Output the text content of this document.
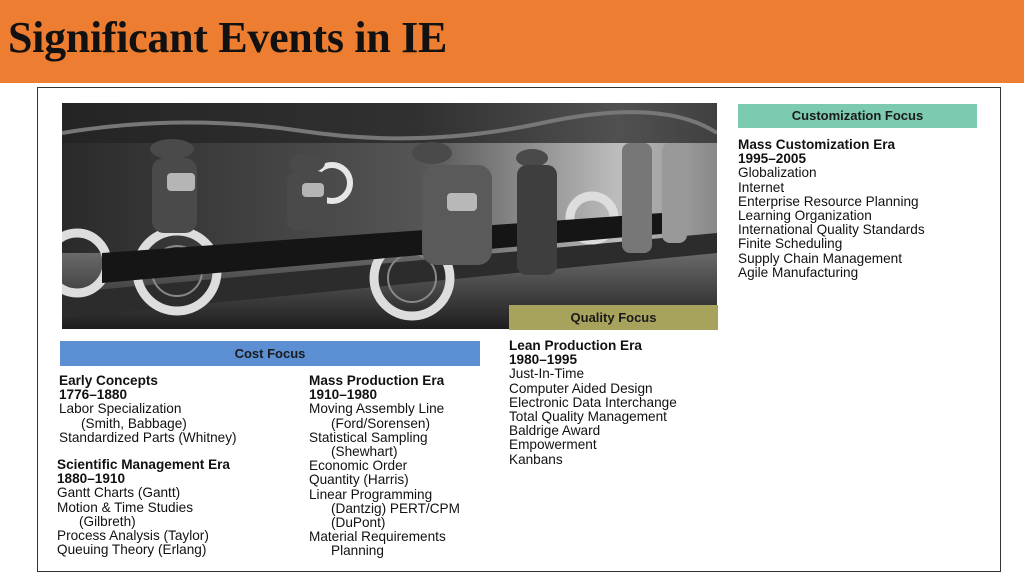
Significant Events in IE
Customization Focus
Quality Focus
Cost Focus
Mass Customization Era
1995–2005
Globalization
Internet
Enterprise Resource Planning
Learning Organization
International Quality Standards
Finite Scheduling
Supply Chain Management
Agile Manufacturing
Lean Production Era
1980–1995
Just-In-Time
Computer Aided Design
Electronic Data Interchange
Total Quality Management
Baldrige Award
Empowerment
Kanbans
Early Concepts
1776–1880
Labor Specialization
(Smith, Babbage)
Standardized Parts (Whitney)
Scientific Management Era
1880–1910
Gantt Charts (Gantt)
Motion & Time Studies
(Gilbreth)
Process Analysis (Taylor)
Queuing Theory (Erlang)
Mass Production Era
1910–1980
Moving Assembly Line
(Ford/Sorensen)
Statistical Sampling
(Shewhart)
Economic Order
Quantity (Harris)
Linear Programming
(Dantzig) PERT/CPM
(DuPont)
Material Requirements
Planning
